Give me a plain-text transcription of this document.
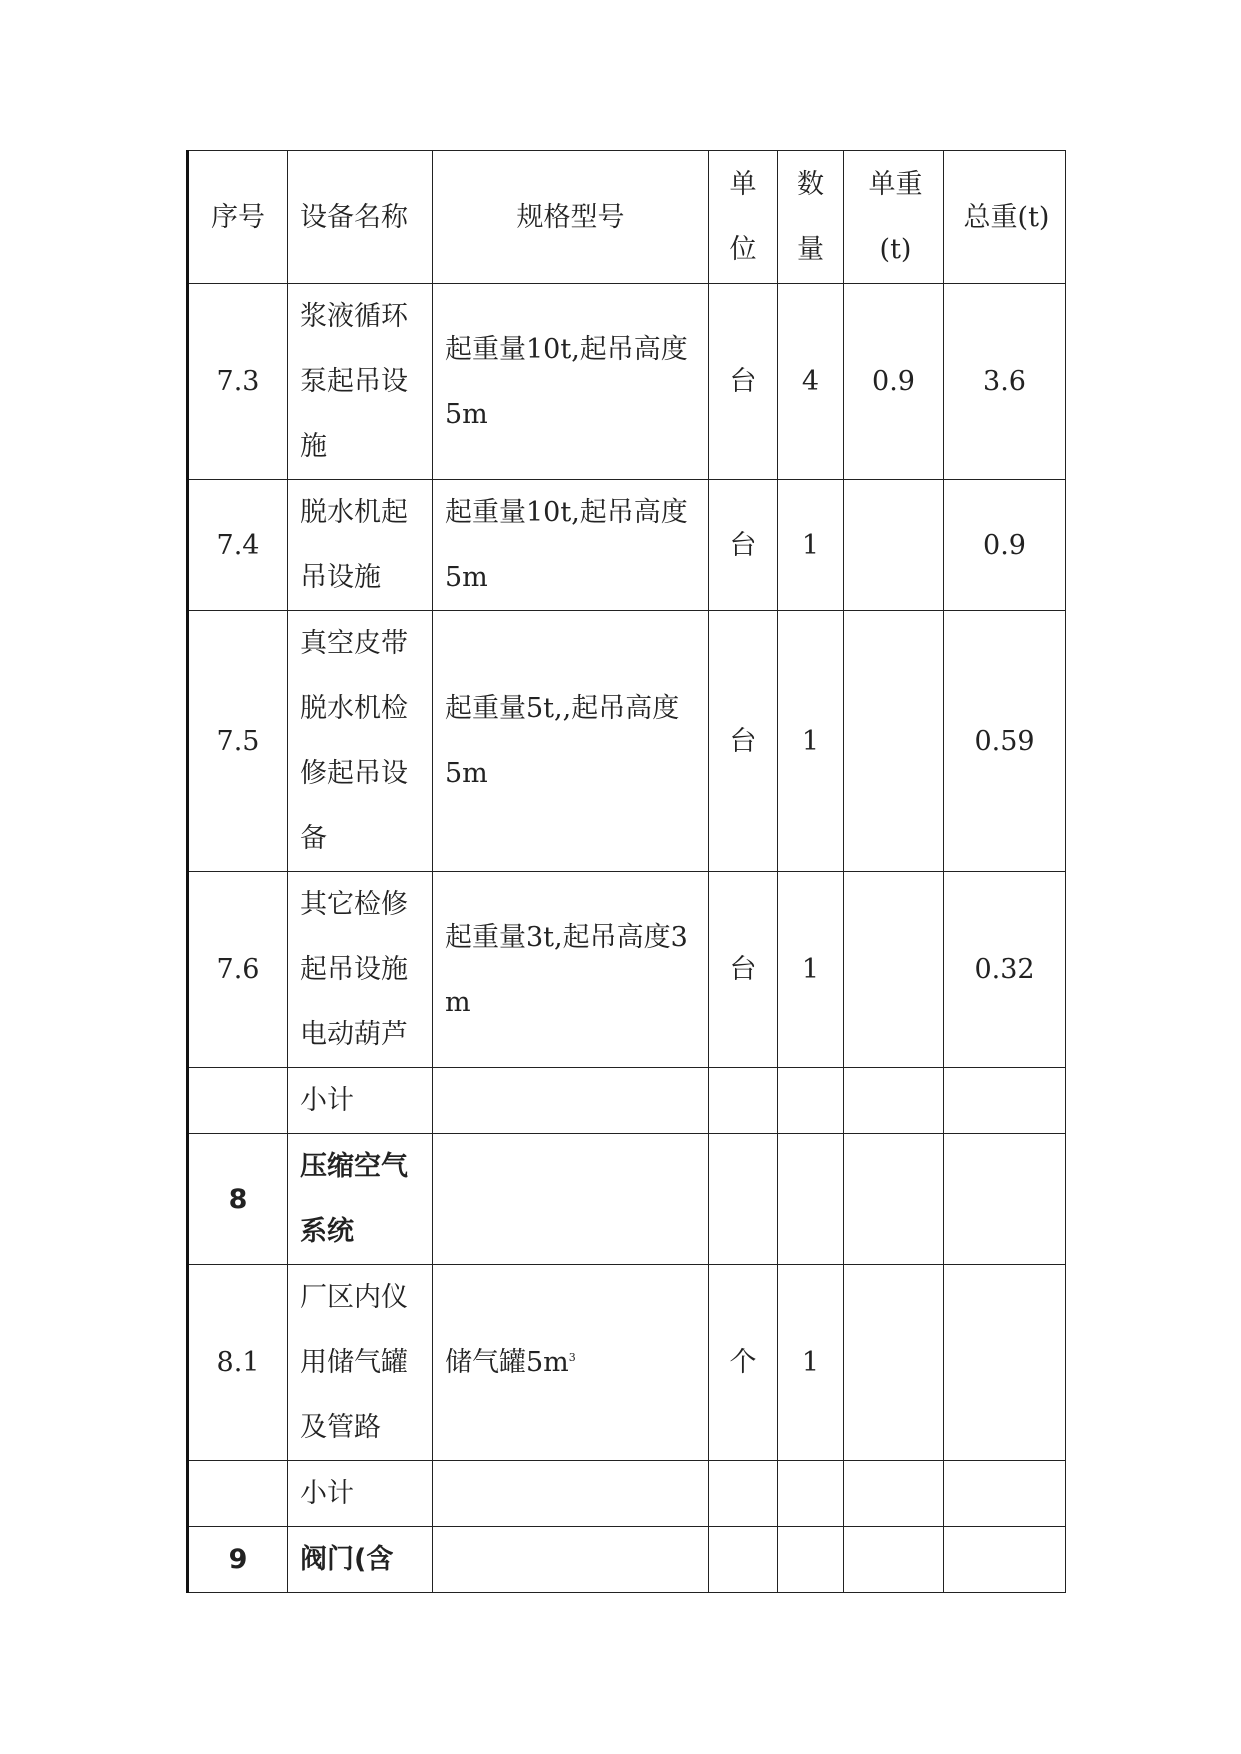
序号	设备名称	规格型号	单位	数量	单重(t)	总重(t)
7.3	浆液循环泵起吊设施	起重量10t,起吊高度5m	台	4	0.9	3.6
7.4	脱水机起吊设施	起重量10t,起吊高度5m	台	1		0.9
7.5	真空皮带脱水机检修起吊设备	起重量5t,,起吊高度5m	台	1		0.59
7.6	其它检修起吊设施电动葫芦	起重量3t,起吊高度3m	台	1		0.32
	小计					
8	压缩空气系统					
8.1	厂区内仪用储气罐及管路	储气罐$5m^3$	个	1		
	小计					
9	阀门(含					
